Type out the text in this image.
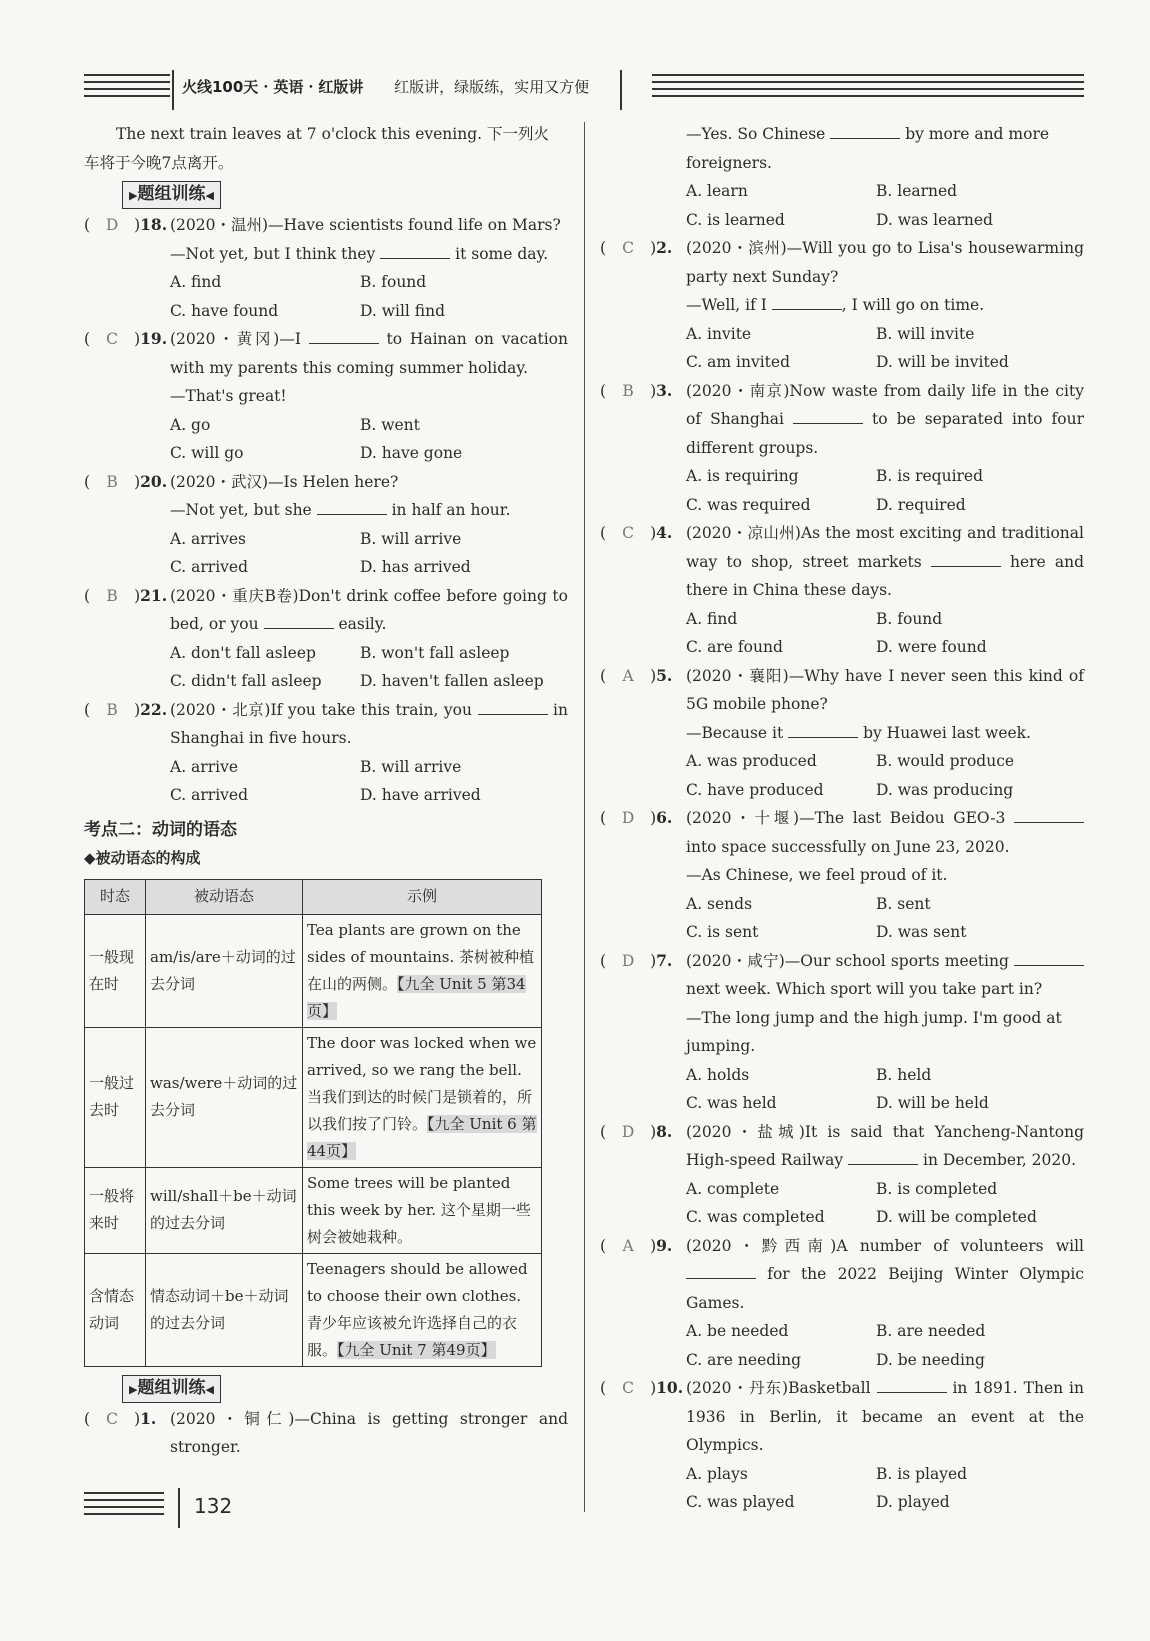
火线100天・英语・红版讲 红版讲，绿版练，实用又方便
The next train leaves at 7 o'clock this evening. 下一列火
车将于今晚7点离开。
▶题组训练◀
( D )18. (2020・温州)—Have scientists found life on Mars?
—Not yet, but I think they	it some day.
A. find	B. found
C. have found	D. will find
( C )19. (2020・黄冈)—I	to Hainan on vacation with my parents this coming summer holiday.
—That's great!
A. go	B. went
C. will go	D. have gone
( B )20. (2020・武汉)—Is Helen here?
—Not yet, but she	in half an hour.
A. arrives	B. will arrive
C. arrived	D. has arrived
( B )21. (2020・重庆B卷)Don't drink coffee before going to bed, or you	easily.
A. don't fall asleep	B. won't fall asleep
C. didn't fall asleep	D. haven't fallen asleep
( B )22. (2020・北京)If you take this train, you	in Shanghai in five hours.
A. arrive	B. will arrive
C. arrived	D. have arrived
考点二：动词的语态
◆被动语态的构成
时态	被动语态	示例
一般现在时	am/is/are＋动词的过去分词	Tea plants are grown on the sides of mountains. 茶树被种植在山的两侧。【九全 Unit 5 第34页】
一般过去时	was/were＋动词的过去分词	The door was locked when we arrived, so we rang the bell. 当我们到达的时候门是锁着的，所以我们按了门铃。【九全 Unit 6 第44页】
一般将来时	will/shall＋be＋动词的过去分词	Some trees will be planted this week by her. 这个星期一些树会被她栽种。
含情态动词	情态动词＋be＋动词的过去分词	Teenagers should be allowed to choose their own clothes. 青少年应该被允许选择自己的衣服。【九全 Unit 7 第49页】
▶题组训练◀
( C )1. (2020・铜仁)—China is getting stronger and stronger.
—Yes. So Chinese	by more and more foreigners.
A. learn	B. learned
C. is learned	D. was learned
( C )2. (2020・滨州)—Will you go to Lisa's housewarming party next Sunday?
—Well, if I	, I will go on time.
A. invite	B. will invite
C. am invited	D. will be invited
( B )3. (2020・南京)Now waste from daily life in the city of Shanghai	to be separated into four different groups.
A. is requiring	B. is required
C. was required	D. required
( C )4. (2020・凉山州)As the most exciting and traditional way to shop, street markets	here and there in China these days.
A. find	B. found
C. are found	D. were found
( A )5. (2020・襄阳)—Why have I never seen this kind of 5G mobile phone?
—Because it	by Huawei last week.
A. was produced	B. would produce
C. have produced	D. was producing
( D )6. (2020・十堰)—The last Beidou GEO-3  into space successfully on June 23, 2020.
—As Chinese, we feel proud of it.
A. sends	B. sent
C. is sent	D. was sent
( D )7. (2020・咸宁)—Our school sports meeting  next week. Which sport will you take part in?
—The long jump and the high jump. I'm good at jumping.
A. holds	B. held
C. was held	D. will be held
( D )8. (2020・盐城)It is said that Yancheng-Nantong High-speed Railway	in December, 2020.
A. complete	B. is completed
C. was completed	D. will be completed
( A )9. (2020・黔西南)A number of volunteers will  for the 2022 Beijing Winter Olympic Games.
A. be needed	B. are needed
C. are needing	D. be needing
( C )10. (2020・丹东)Basketball	in 1891. Then in 1936 in Berlin, it became an event at the Olympics.
A. plays	B. is played
C. was played	D. played
132
